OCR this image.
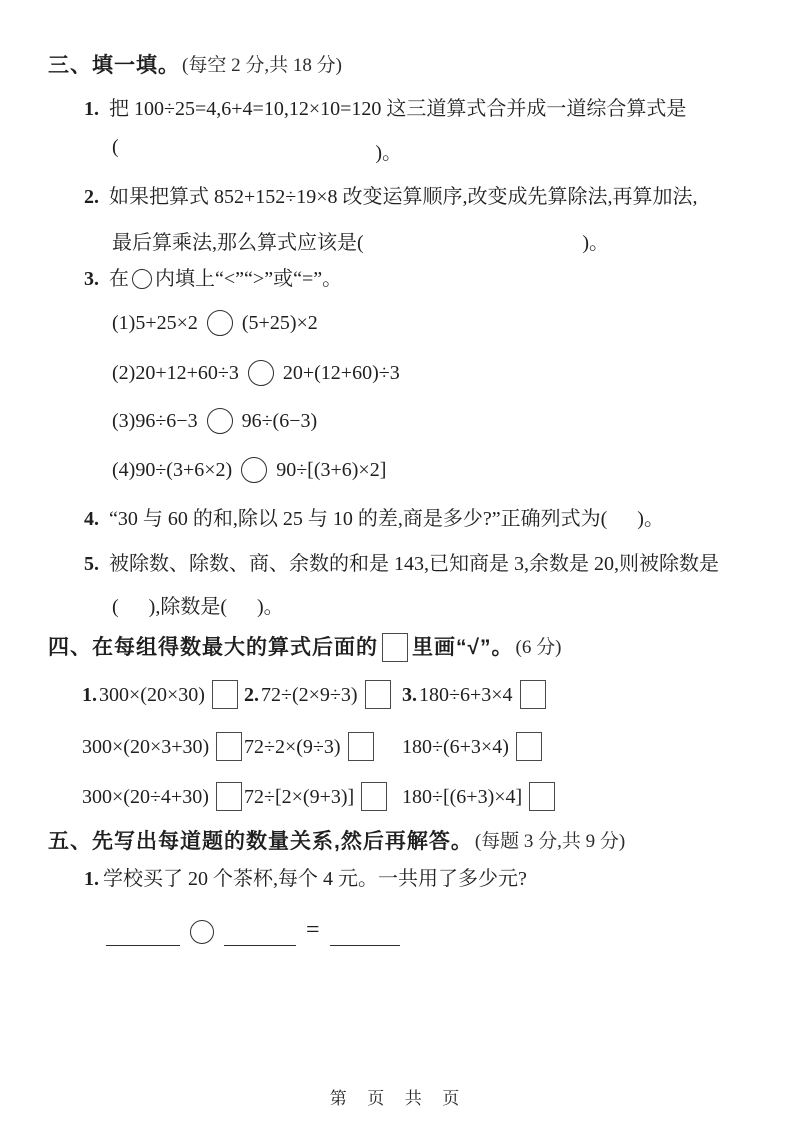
三、填一填。 (每空 2 分,共 18 分)
1. 把 100÷25=4,6+4=10,12×10=120 这三道算式合并成一道综合算式是
(	)。
2. 如果把算式 852+152÷19×8 改变运算顺序,改变成先算除法,再算加法,
最后算乘法,那么算式应该是(	)。
3. 在 内填上“<”“>”或“=”。
(1)5+25×2 (5+25)×2
(2)20+12+60÷3 20+(12+60)÷3
(3)96÷6−3 96÷(6−3)
(4)90÷(3+6×2) 90÷[(3+6)×2]
4. “30 与 60 的和,除以 25 与 10 的差,商是多少?”正确列式为(      )。
5. 被除数、除数、商、余数的和是 143,已知商是 3,余数是 20,则被除数是
(      ),除数是(      )。
四、在每组得数最大的算式后面的 里画“√”。 (6 分)
1. 300×(20×30) 2. 72÷(2×9÷3) 3. 180÷6+3×4
300×(20×3+30) 72÷2×(9÷3)	180÷(6+3×4)
300×(20÷4+30) 72÷[2×(9+3)] 180÷[(6+3)×4]
五、先写出每道题的数量关系,然后再解答。 (每题 3 分,共 9 分)
1. 学校买了 20 个茶杯,每个 4 元。一共用了多少元?
=
第  页  共  页
